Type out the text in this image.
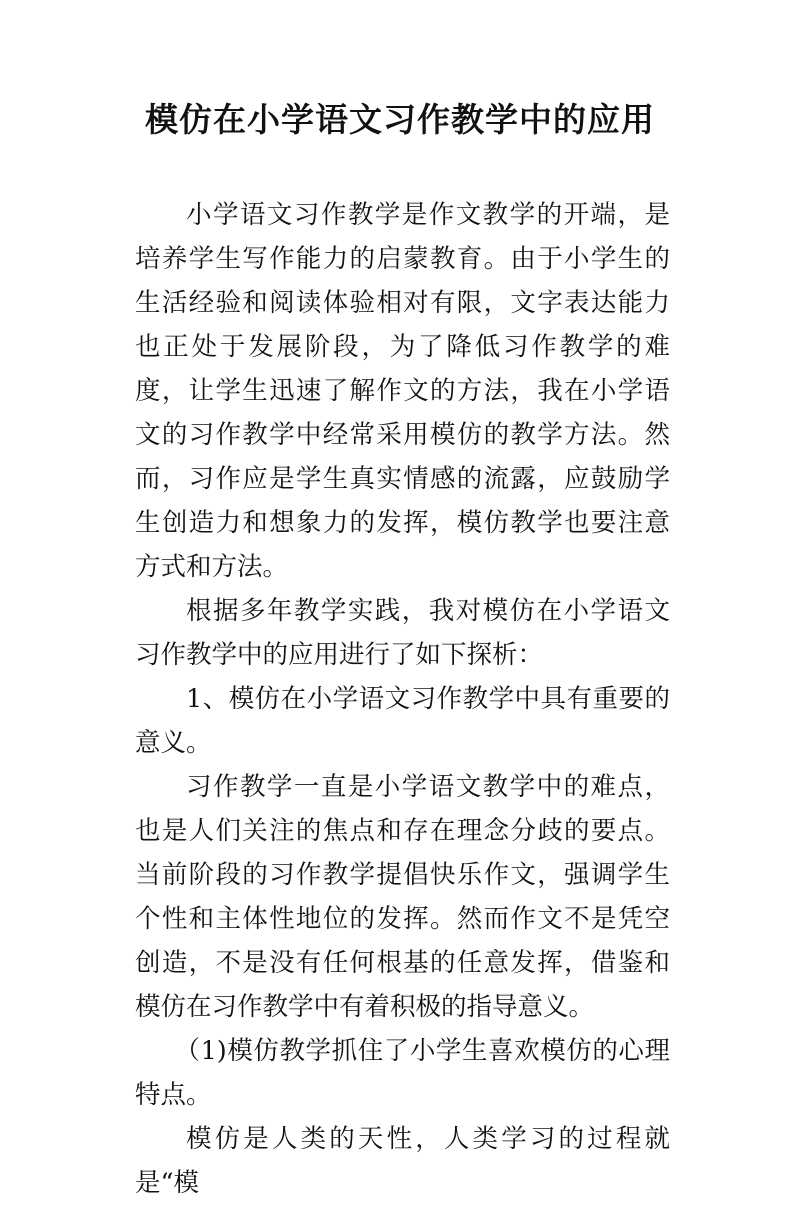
模仿在小学语文习作教学中的应用

小学语文习作教学是作文教学的开端，是培养学生写作能力的启蒙教育。由于小学生的生活经验和阅读体验相对有限，文字表达能力也正处于发展阶段，为了降低习作教学的难度，让学生迅速了解作文的方法，我在小学语文的习作教学中经常采用模仿的教学方法。然而，习作应是学生真实情感的流露，应鼓励学生创造力和想象力的发挥，模仿教学也要注意方式和方法。

根据多年教学实践，我对模仿在小学语文习作教学中的应用进行了如下探析：

1、模仿在小学语文习作教学中具有重要的意义。

习作教学一直是小学语文教学中的难点，也是人们关注的焦点和存在理念分歧的要点。当前阶段的习作教学提倡快乐作文，强调学生个性和主体性地位的发挥。然而作文不是凭空创造，不是没有任何根基的任意发挥，借鉴和模仿在习作教学中有着积极的指导意义。

（1)模仿教学抓住了小学生喜欢模仿的心理特点。

模仿是人类的天性，人类学习的过程就是“模
